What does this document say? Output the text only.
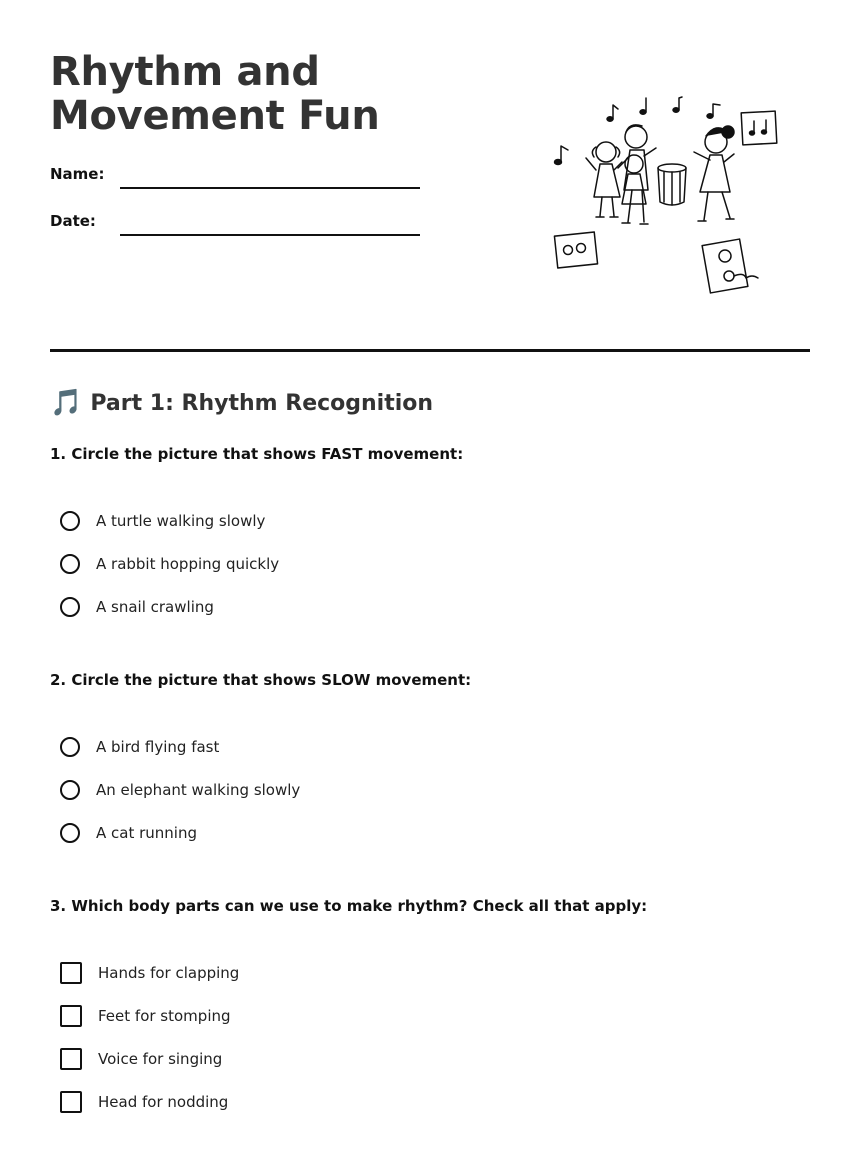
Rhythm and Movement Fun
Name:
Date:
🎵 Part 1: Rhythm Recognition
1. Circle the picture that shows FAST movement:
A turtle walking slowly
A rabbit hopping quickly
A snail crawling
2. Circle the picture that shows SLOW movement:
A bird flying fast
An elephant walking slowly
A cat running
3. Which body parts can we use to make rhythm? Check all that apply:
Hands for clapping
Feet for stomping
Voice for singing
Head for nodding
